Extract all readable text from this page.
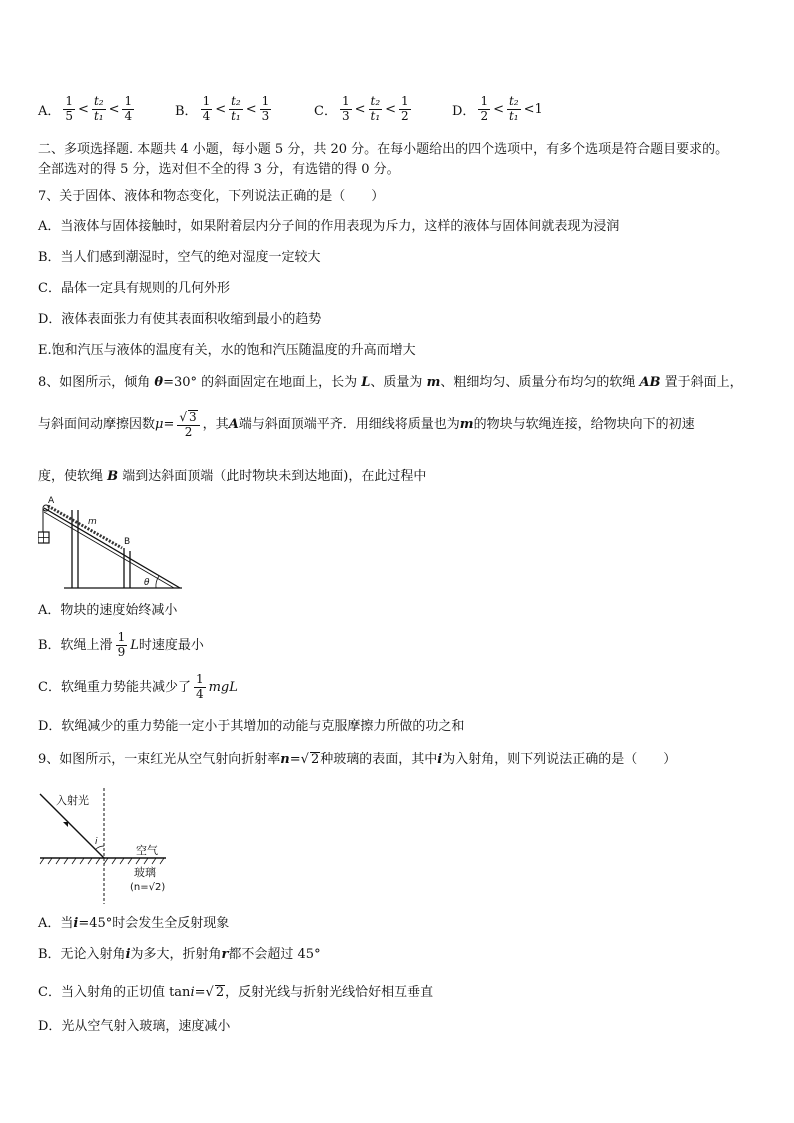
A． $\frac{1}{5} < \frac{\text{t₂}}{\text{t₁}} < \frac{1}{4}$	B． $\frac{1}{4} < \frac{\text{t₂}}{\text{t₁}} < \frac{1}{3}$	C． $\frac{1}{3} < \frac{\text{t₂}}{\text{t₁}} < \frac{1}{2}$	D． $\frac{1}{2} < \frac{\text{t₂}}{\text{t₁}} < 1$
二、多项选择题. 本题共 4 小题，每小题 5 分，共 20 分。在每小题给出的四个选项中，有多个选项是符合题目要求的。
全部选对的得 5 分，选对但不全的得 3 分，有选错的得 0 分。
7、关于固体、液体和物态变化，下列说法正确的是（　　）
A．当液体与固体接触时，如果附着层内分子间的作用表现为斥力，这样的液体与固体间就表现为浸润
B．当人们感到潮湿时，空气的绝对湿度一定较大
C．晶体一定具有规则的几何外形
D．液体表面张力有使其表面积收缩到最小的趋势
E.饱和汽压与液体的温度有关，水的饱和汽压随温度的升高而增大
8、如图所示，倾角 θ=30° 的斜面固定在地面上，长为 L、质量为 m、粗细均匀、质量分布均匀的软绳 AB 置于斜面上，
与斜面间动摩擦因数 $\mu = \frac{√ 3}{2}$ ，其 A 端与斜面顶端平齐．用细线将质量也为 m 的物块与软绳连接，给物块向下的初速
度，使软绳 B 端到达斜面顶端（此时物块未到达地面)，在此过程中
A
m
B
θ
A．物块的速度始终减小
B．软绳上滑 $\frac{1}{9}$ L 时速度最小
C．软绳重力势能共减少了 $\frac{1}{4}$ mgL
D．软绳减少的重力势能一定小于其增加的动能与克服摩擦力所做的功之和
9、如图所示，一束红光从空气射向折射率 n = √ 2 种玻璃的表面，其中 i 为入射角，则下列说法正确的是（　　）
入射光
i
空气
玻璃
(n=√2)
A．当 i =45°时会发生全反射现象
B．无论入射角 i 为多大，折射角 r 都不会超过 45°
C．当入射角的正切值 tan i = √ 2 ，反射光线与折射光线恰好相互垂直
D．光从空气射入玻璃，速度减小
